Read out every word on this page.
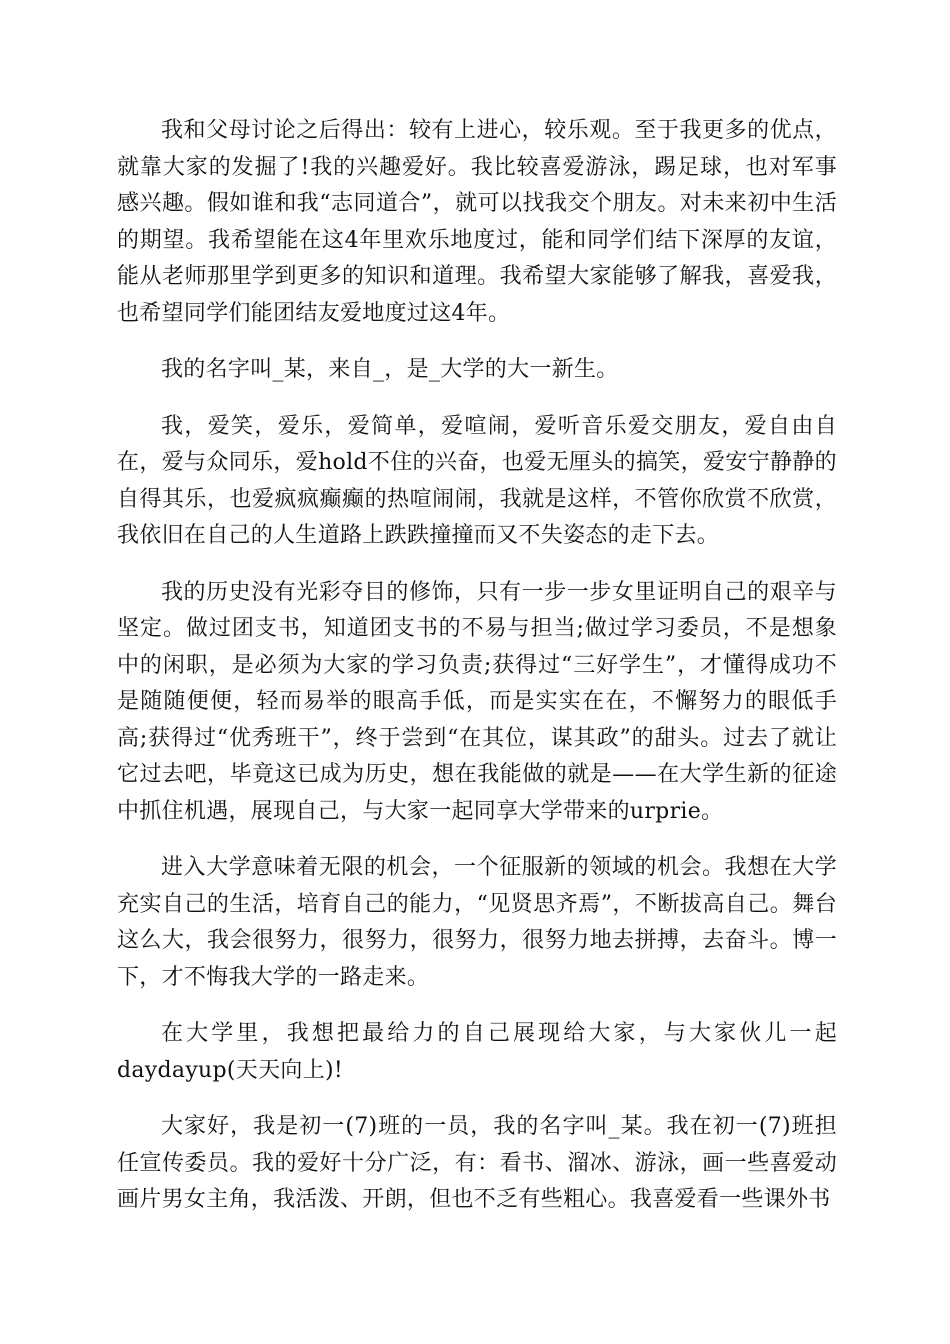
我和父母讨论之后得出：较有上进心，较乐观。至于我更多的优点，就靠大家的发掘了!我的兴趣爱好。我比较喜爱游泳，踢足球，也对军事感兴趣。假如谁和我“志同道合”，就可以找我交个朋友。对未来初中生活的期望。我希望能在这4年里欢乐地度过，能和同学们结下深厚的友谊，能从老师那里学到更多的知识和道理。我希望大家能够了解我，喜爱我，也希望同学们能团结友爱地度过这4年。

我的名字叫_某，来自_，是_大学的大一新生。

我，爱笑，爱乐，爱简单，爱喧闹，爱听音乐爱交朋友，爱自由自在，爱与众同乐，爱hold不住的兴奋，也爱无厘头的搞笑，爱安宁静静的自得其乐，也爱疯疯癫癫的热喧闹闹，我就是这样，不管你欣赏不欣赏，我依旧在自己的人生道路上跌跌撞撞而又不失姿态的走下去。

我的历史没有光彩夺目的修饰，只有一步一步女里证明自己的艰辛与坚定。做过团支书，知道团支书的不易与担当;做过学习委员，不是想象中的闲职，是必须为大家的学习负责;获得过“三好学生”，才懂得成功不是随随便便，轻而易举的眼高手低，而是实实在在，不懈努力的眼低手高;获得过“优秀班干”，终于尝到“在其位，谋其政”的甜头。过去了就让它过去吧，毕竟这已成为历史，想在我能做的就是——在大学生新的征途中抓住机遇，展现自己，与大家一起同享大学带来的urprie。

进入大学意味着无限的机会，一个征服新的领域的机会。我想在大学充实自己的生活，培育自己的能力，“见贤思齐焉”，不断拔高自己。舞台这么大，我会很努力，很努力，很努力，很努力地去拼搏，去奋斗。博一下，才不悔我大学的一路走来。

在大学里，我想把最给力的自己展现给大家，与大家伙儿一起daydayup(天天向上)!

大家好，我是初一(7)班的一员，我的名字叫_某。我在初一(7)班担任宣传委员。我的爱好十分广泛，有：看书、溜冰、游泳，画一些喜爱动画片男女主角，我活泼、开朗，但也不乏有些粗心。我喜爱看一些课外书
